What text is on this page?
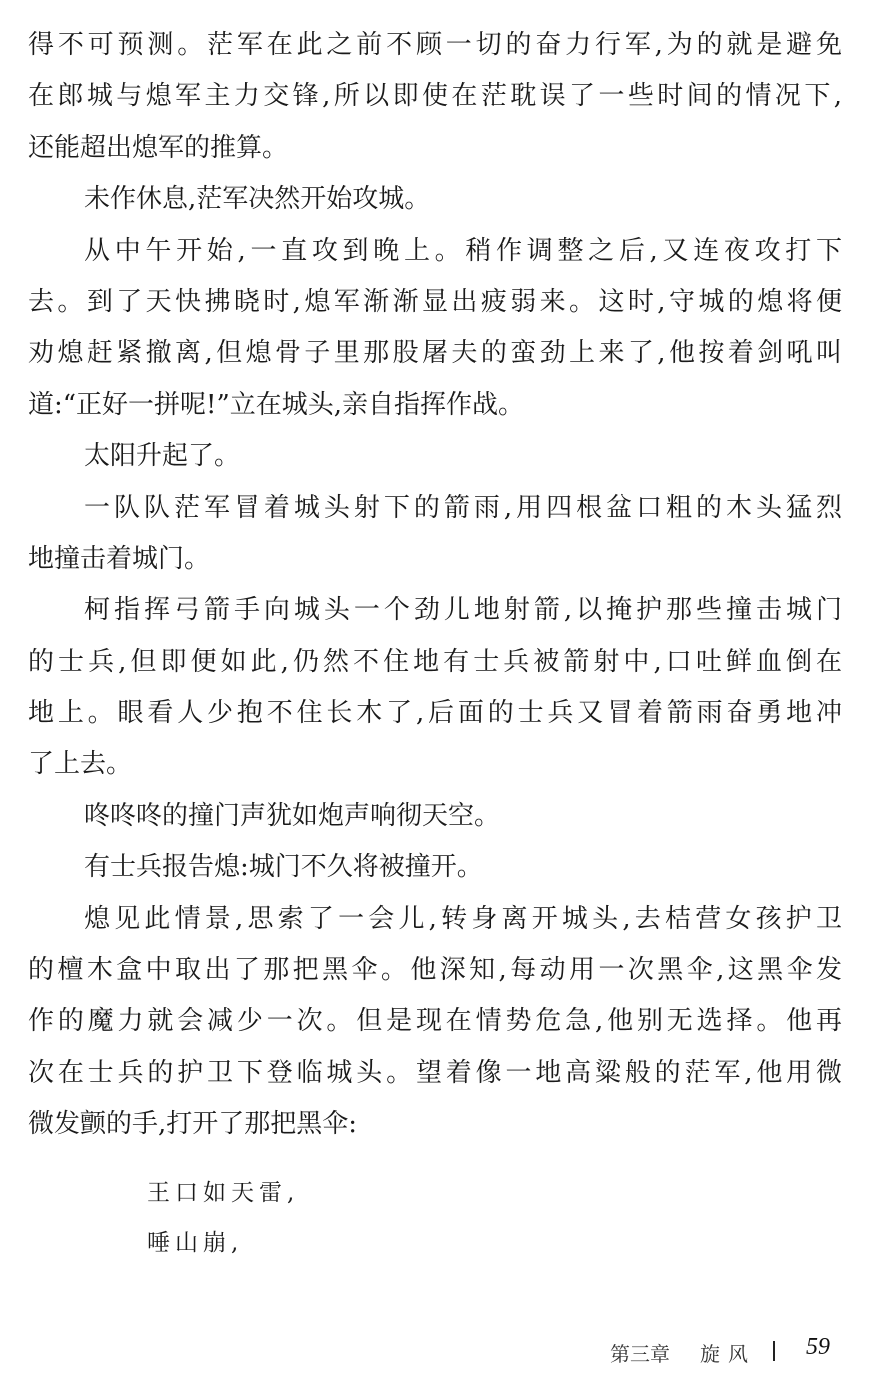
得不可预测。茫军在此之前不顾一切的奋力行军,为的就是避免
在郎城与熄军主力交锋,所以即使在茫耽误了一些时间的情况下,
还能超出熄军的推算。
未作休息,茫军决然开始攻城。
从中午开始,一直攻到晚上。稍作调整之后,又连夜攻打下
去。到了天快拂晓时,熄军渐渐显出疲弱来。这时,守城的熄将便
劝熄赶紧撤离,但熄骨子里那股屠夫的蛮劲上来了,他按着剑吼叫
道:“正好一拼呢!”立在城头,亲自指挥作战。
太阳升起了。
一队队茫军冒着城头射下的箭雨,用四根盆口粗的木头猛烈
地撞击着城门。
柯指挥弓箭手向城头一个劲儿地射箭,以掩护那些撞击城门
的士兵,但即便如此,仍然不住地有士兵被箭射中,口吐鲜血倒在
地上。眼看人少抱不住长木了,后面的士兵又冒着箭雨奋勇地冲
了上去。
咚咚咚的撞门声犹如炮声响彻天空。
有士兵报告熄:城门不久将被撞开。
熄见此情景,思索了一会儿,转身离开城头,去桔营女孩护卫
的檀木盒中取出了那把黑伞。他深知,每动用一次黑伞,这黑伞发
作的魔力就会减少一次。但是现在情势危急,他别无选择。他再
次在士兵的护卫下登临城头。望着像一地高粱般的茫军,他用微
微发颤的手,打开了那把黑伞:
王口如天雷,
唾山崩,
第三章 旋风 59
